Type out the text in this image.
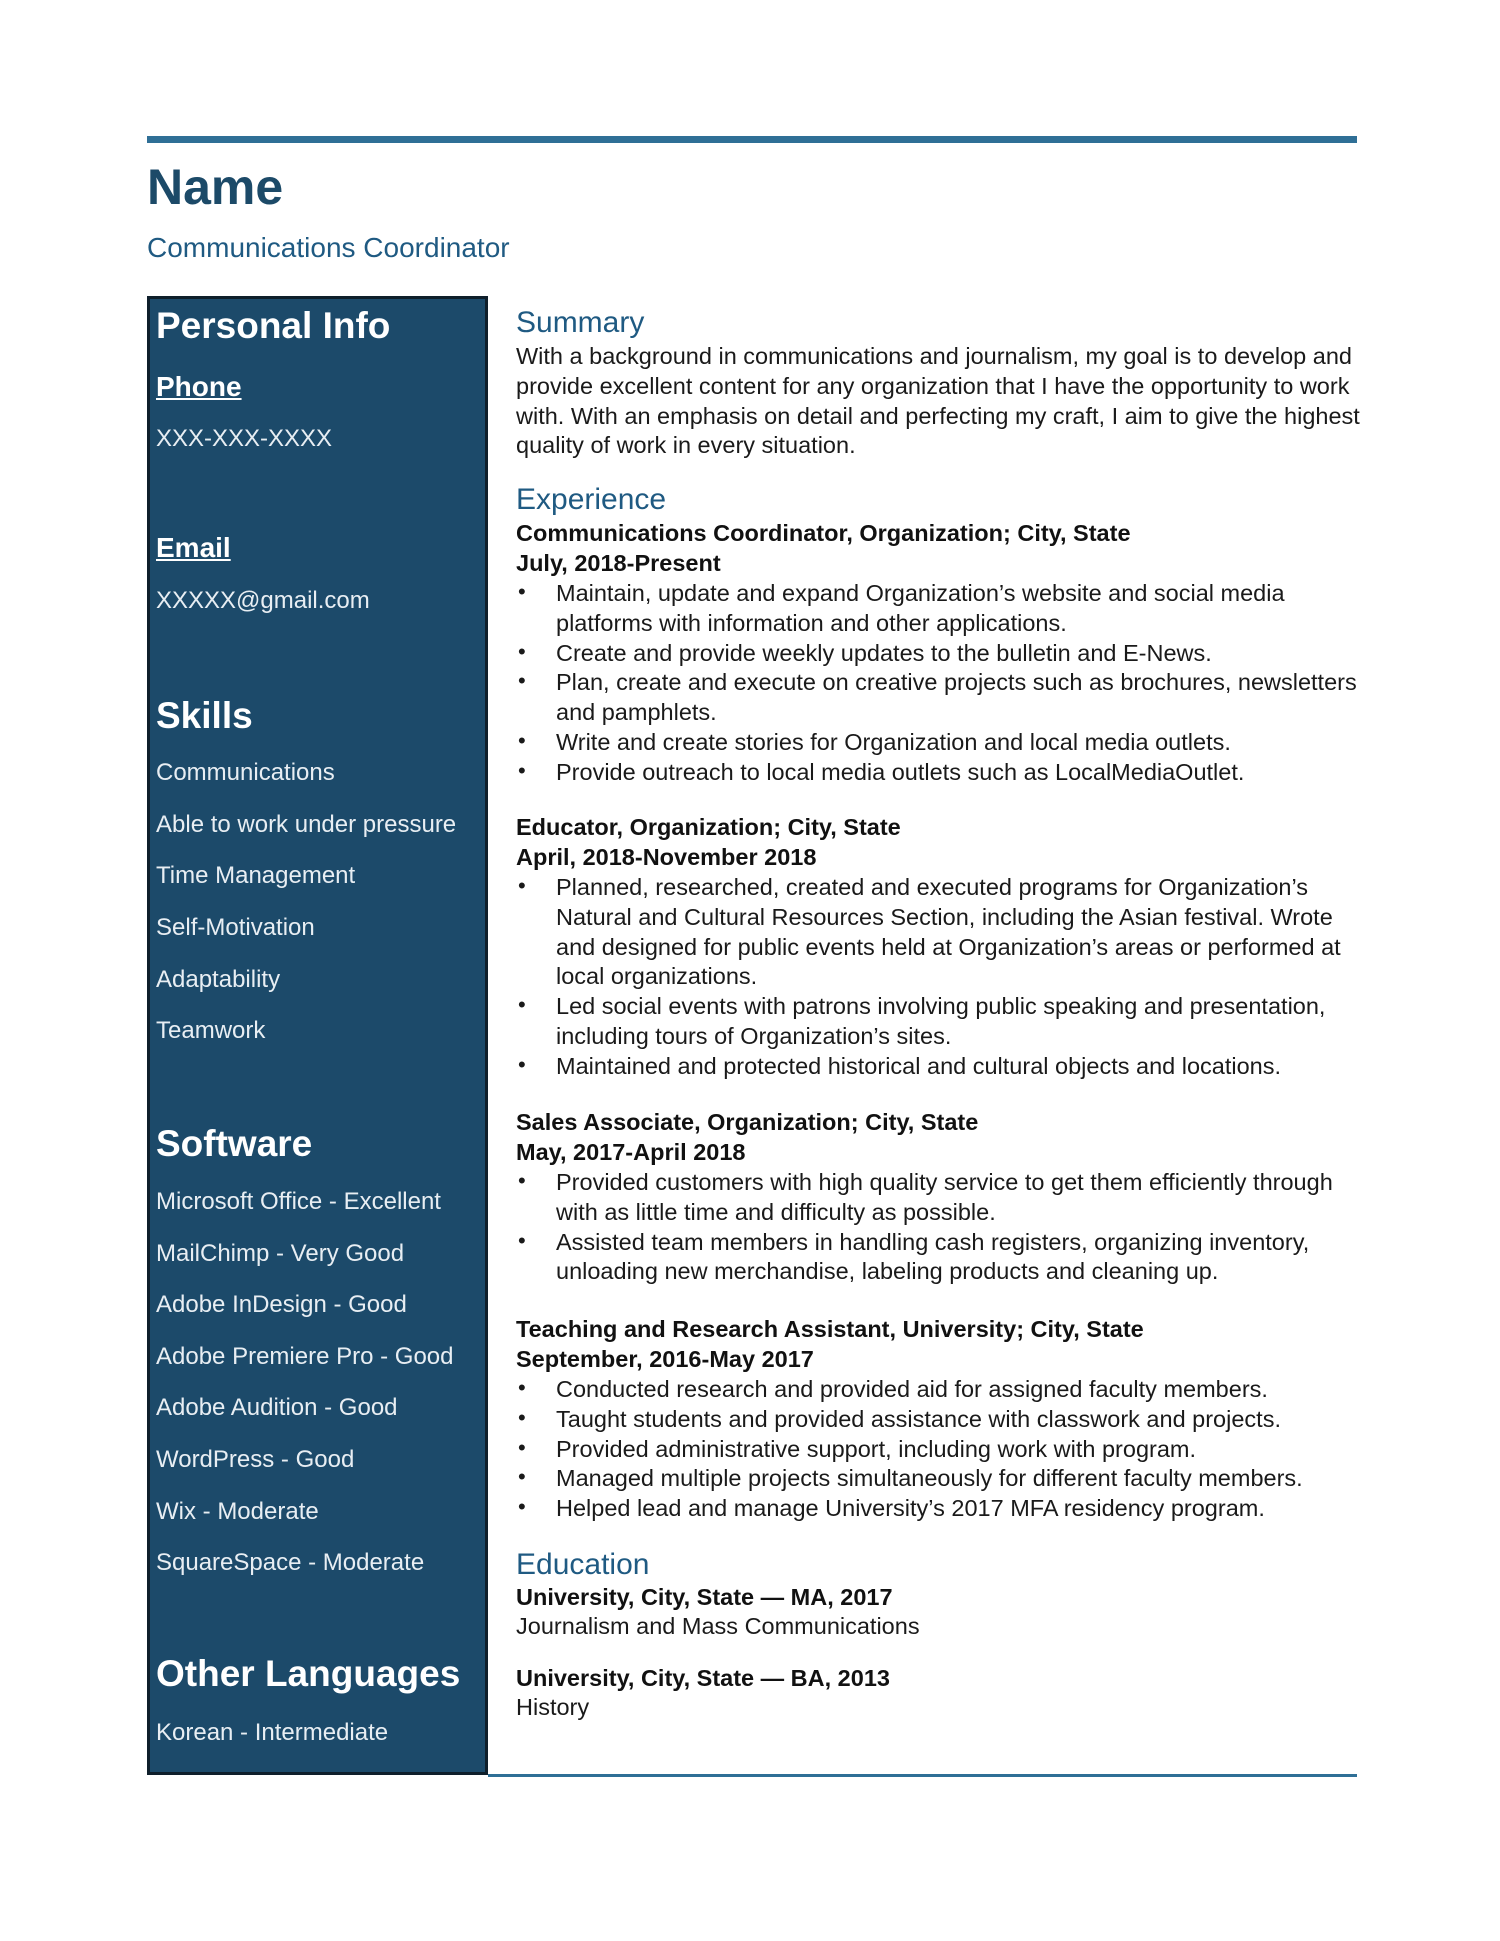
Name
Communications Coordinator
Personal Info
Phone
XXX-XXX-XXXX
Email
XXXXX@gmail.com
Skills
Communications
Able to work under pressure
Time Management
Self-Motivation
Adaptability
Teamwork
Software
Microsoft Office - Excellent
MailChimp - Very Good
Adobe InDesign - Good
Adobe Premiere Pro - Good
Adobe Audition - Good
WordPress - Good
Wix - Moderate
SquareSpace - Moderate
Other Languages
Korean - Intermediate
Summary
With a background in communications and journalism, my goal is to develop and provide excellent content for any organization that I have the opportunity to work with. With an emphasis on detail and perfecting my craft, I aim to give the highest quality of work in every situation.
Experience
Communications Coordinator, Organization; City, State
July, 2018-Present
• Maintain, update and expand Organization’s website and social media platforms with information and other applications.
• Create and provide weekly updates to the bulletin and E-News.
• Plan, create and execute on creative projects such as brochures, newsletters and pamphlets.
• Write and create stories for Organization and local media outlets.
• Provide outreach to local media outlets such as LocalMediaOutlet.
Educator, Organization; City, State
April, 2018-November 2018
• Planned, researched, created and executed programs for Organization’s Natural and Cultural Resources Section, including the Asian festival. Wrote and designed for public events held at Organization’s areas or performed at local organizations.
• Led social events with patrons involving public speaking and presentation, including tours of Organization’s sites.
• Maintained and protected historical and cultural objects and locations.
Sales Associate, Organization; City, State
May, 2017-April 2018
• Provided customers with high quality service to get them efficiently through with as little time and difficulty as possible.
• Assisted team members in handling cash registers, organizing inventory, unloading new merchandise, labeling products and cleaning up.
Teaching and Research Assistant, University; City, State
September, 2016-May 2017
• Conducted research and provided aid for assigned faculty members.
• Taught students and provided assistance with classwork and projects.
• Provided administrative support, including work with program.
• Managed multiple projects simultaneously for different faculty members.
• Helped lead and manage University’s 2017 MFA residency program.
Education
University, City, State — MA, 2017
Journalism and Mass Communications
University, City, State — BA, 2013
History
